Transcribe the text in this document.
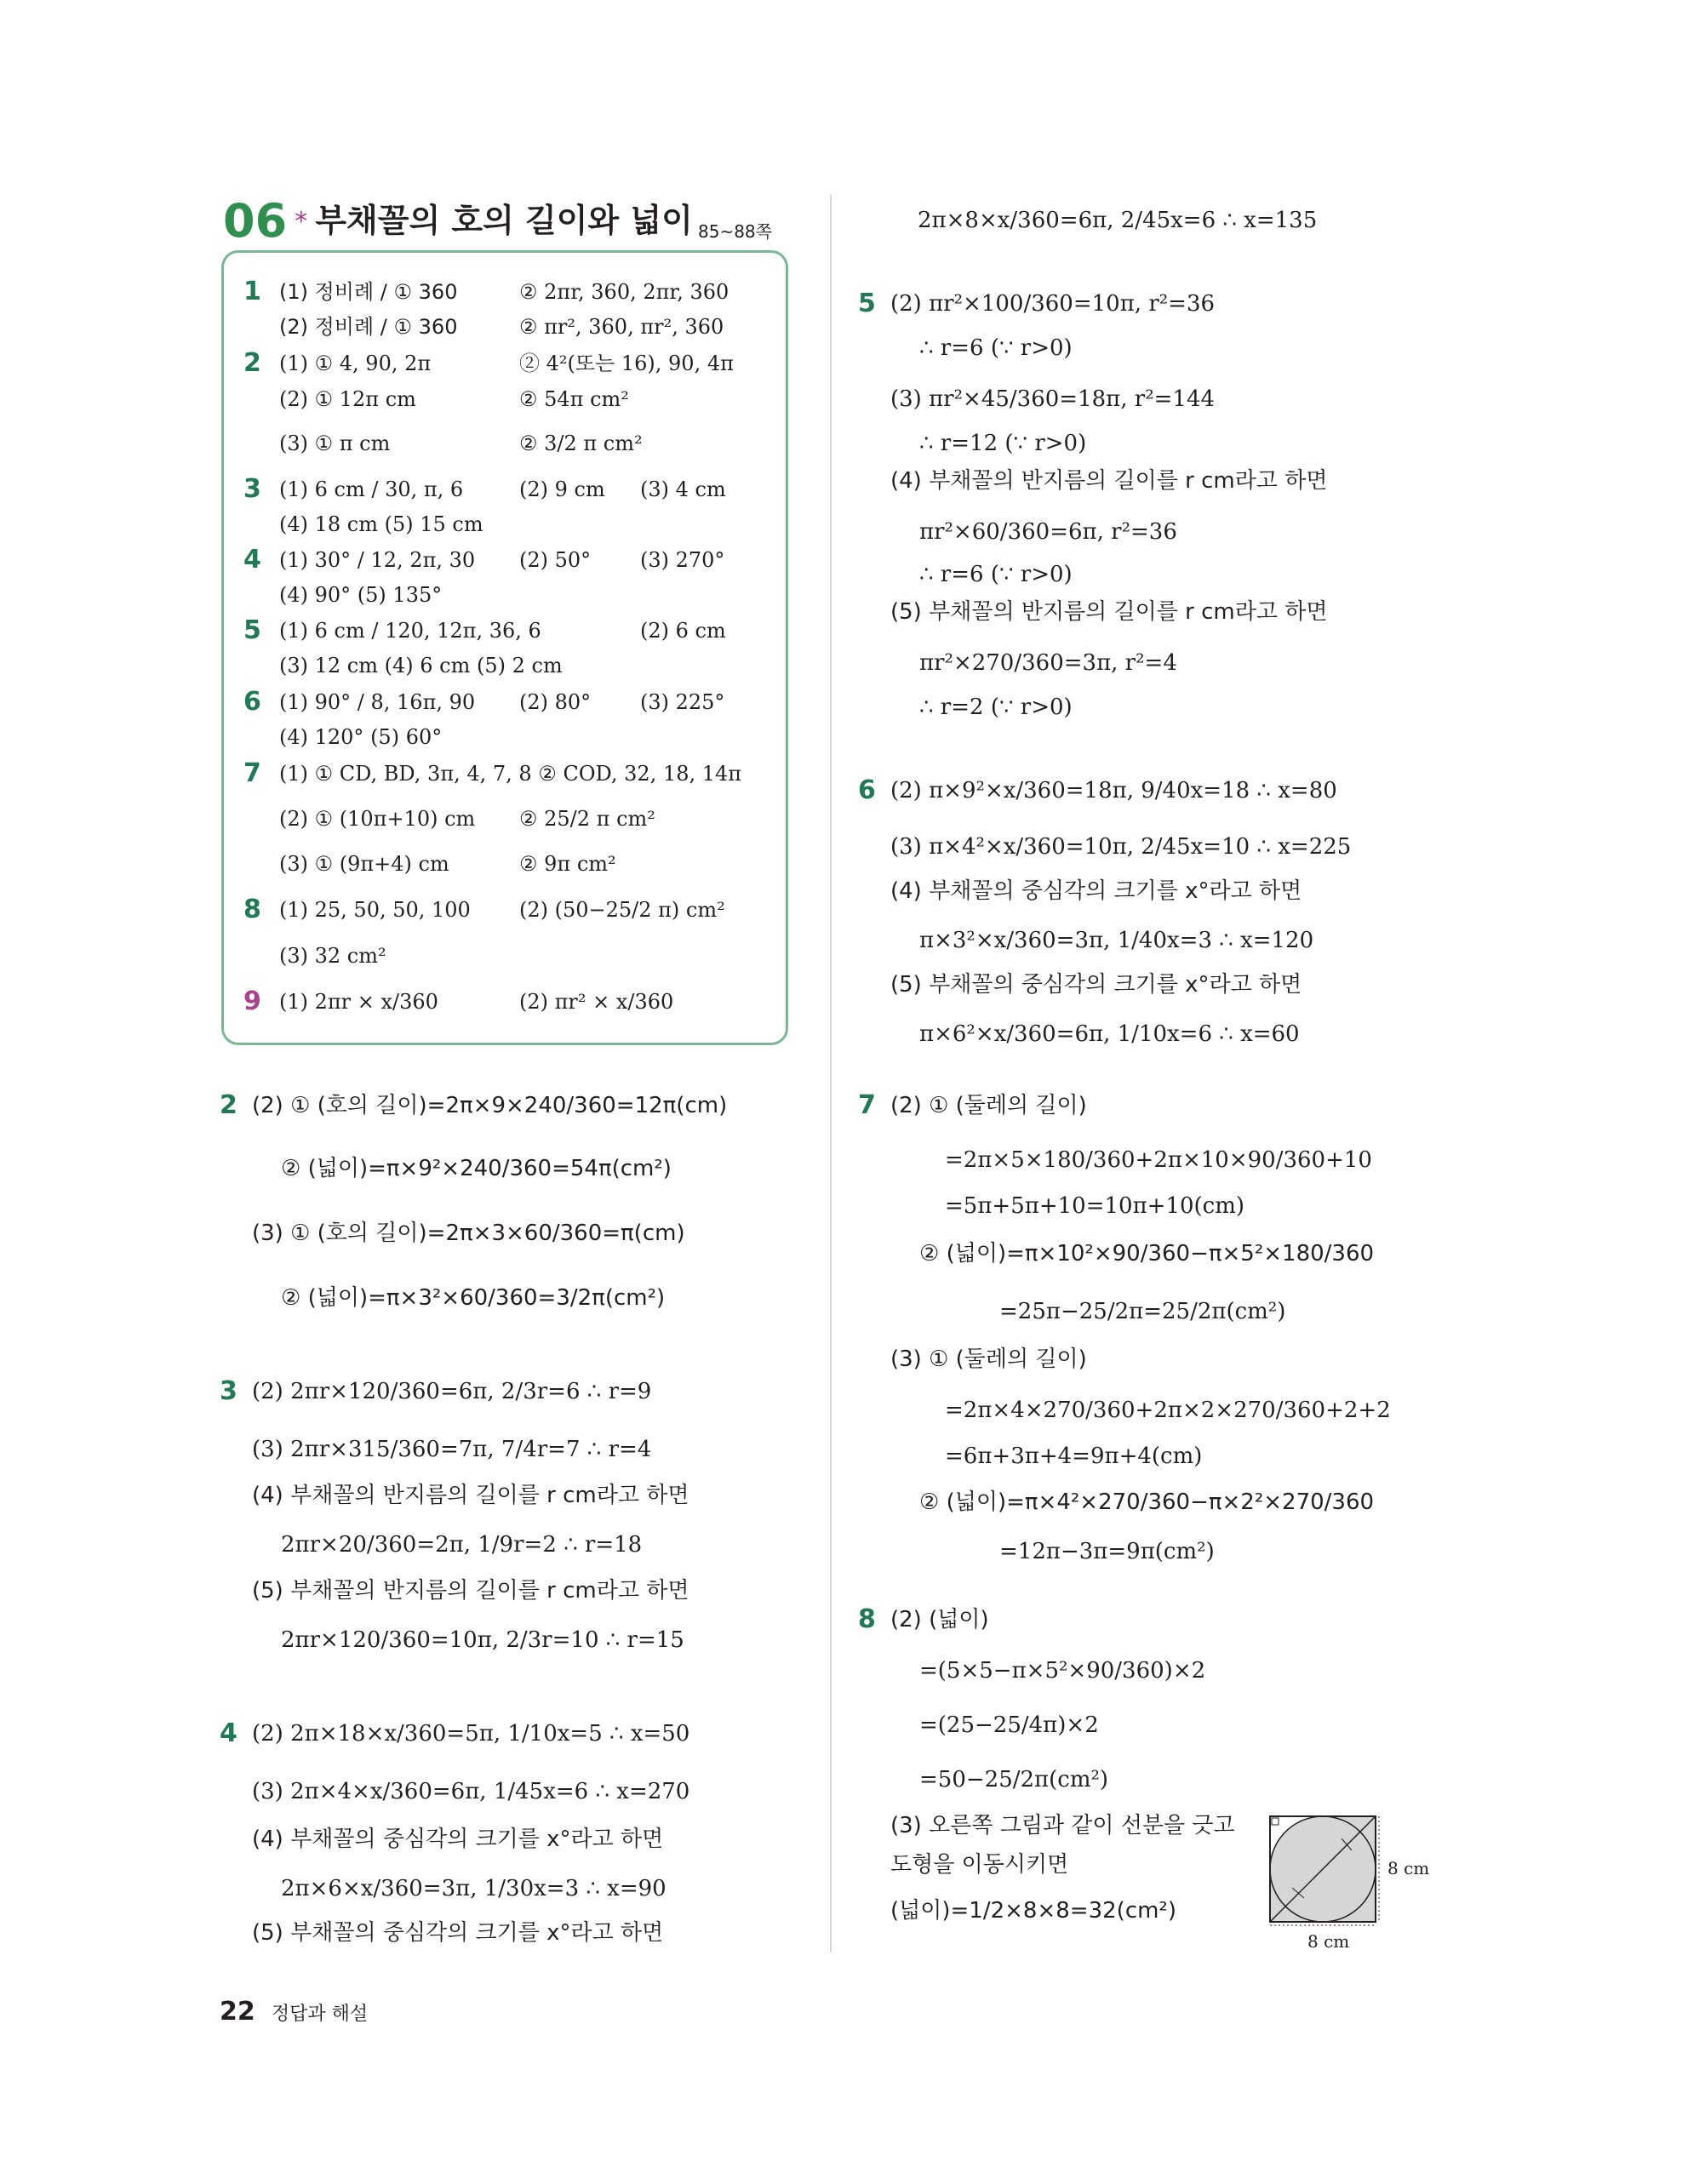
06 * 부채꼴의 호의 길이와 넓이 85~88쪽
1 (1) 정비례 / ① 360	② 2πr, 360, 2πr, 360
(2) 정비례 / ① 360	② πr², 360, πr², 360
2 (1) ① 4, 90, 2π	② 4²(또는 16), 90, 4π
(2) ① 12π cm	② 54π cm²
(3) ① π cm	② 3/2 π cm²
3 (1) 6 cm / 30, π, 6	(2) 9 cm (3) 4 cm
(4) 18 cm (5) 15 cm
4 (1) 30° / 12, 2π, 30 (2) 50° (3) 270°
(4) 90° (5) 135°
5 (1) 6 cm / 120, 12π, 36, 6	(2) 6 cm
(3) 12 cm (4) 6 cm (5) 2 cm
6 (1) 90° / 8, 16π, 90 (2) 80° (3) 225°
(4) 120° (5) 60°
7 (1) ① CD, BD, 3π, 4, 7, 8 ② COD, 32, 18, 14π
(2) ① (10π+10) cm ② 25/2 π cm²
(3) ① (9π+4) cm	② 9π cm²
8 (1) 25, 50, 50, 100 (2) (50−25/2 π) cm²
(3) 32 cm²
9 (1) 2πr × x/360	(2) πr² × x/360
2 (2) ① (호의 길이)=2π×9×240/360=12π(cm)
② (넓이)=π×9²×240/360=54π(cm²)
(3) ① (호의 길이)=2π×3×60/360=π(cm)
② (넓이)=π×3²×60/360=3/2π(cm²)
3 (2) 2πr×120/360=6π, 2/3r=6 ∴ r=9
(3) 2πr×315/360=7π, 7/4r=7 ∴ r=4
(4) 부채꼴의 반지름의 길이를 r cm라고 하면
2πr×20/360=2π, 1/9r=2 ∴ r=18
(5) 부채꼴의 반지름의 길이를 r cm라고 하면
2πr×120/360=10π, 2/3r=10 ∴ r=15
4 (2) 2π×18×x/360=5π, 1/10x=5 ∴ x=50
(3) 2π×4×x/360=6π, 1/45x=6 ∴ x=270
(4) 부채꼴의 중심각의 크기를 x°라고 하면
2π×6×x/360=3π, 1/30x=3 ∴ x=90
(5) 부채꼴의 중심각의 크기를 x°라고 하면
2π×8×x/360=6π, 2/45x=6 ∴ x=135
5 (2) πr²×100/360=10π, r²=36
∴ r=6 (∵ r>0)
(3) πr²×45/360=18π, r²=144
∴ r=12 (∵ r>0)
(4) 부채꼴의 반지름의 길이를 r cm라고 하면
πr²×60/360=6π, r²=36
∴ r=6 (∵ r>0)
(5) 부채꼴의 반지름의 길이를 r cm라고 하면
πr²×270/360=3π, r²=4
∴ r=2 (∵ r>0)
6 (2) π×9²×x/360=18π, 9/40x=18 ∴ x=80
(3) π×4²×x/360=10π, 2/45x=10 ∴ x=225
(4) 부채꼴의 중심각의 크기를 x°라고 하면
π×3²×x/360=3π, 1/40x=3 ∴ x=120
(5) 부채꼴의 중심각의 크기를 x°라고 하면
π×6²×x/360=6π, 1/10x=6 ∴ x=60
7 (2) ① (둘레의 길이)
=2π×5×180/360+2π×10×90/360+10
=5π+5π+10=10π+10(cm)
② (넓이)=π×10²×90/360−π×5²×180/360
=25π−25/2π=25/2π(cm²)
(3) ① (둘레의 길이)
=2π×4×270/360+2π×2×270/360+2+2
=6π+3π+4=9π+4(cm)
② (넓이)=π×4²×270/360−π×2²×270/360
=12π−3π=9π(cm²)
8 (2) (넓이)
=(5×5−π×5²×90/360)×2
=(25−25/4π)×2
=50−25/2π(cm²)
(3) 오른쪽 그림과 같이 선분을 긋고
도형을 이동시키면
(넓이)=1/2×8×8=32(cm²)
8 cm
8 cm
22 정답과 해설
